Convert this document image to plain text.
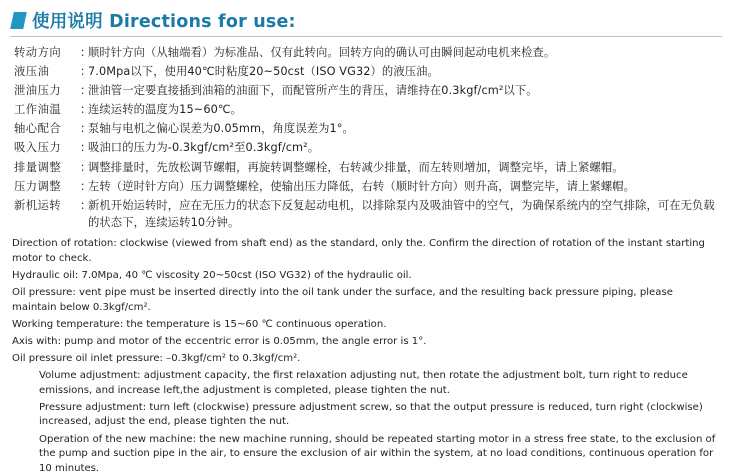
使用说明 Directions for use:
转动方向	：
顺时针方向（从轴端看）为标准品、仅有此转向。回转方向的确认可由瞬间起动电机来检查。
液压油	：
7.0Mpa以下，使用40℃时粘度20~50cst（ISO VG32）的液压油。
泄油压力	：
泄油管一定要直接插到油箱的油面下，而配管所产生的背压，请维持在0.3kgf/cm²以下。
工作油温	：
连续运转的温度为15~60℃。
轴心配合	：
泵轴与电机之偏心误差为0.05mm，角度误差为1°。
吸入压力	：
吸油口的压力为-0.3kgf/cm²至0.3kgf/cm²。
排量调整	：
调整排量时，先放松调节螺帽，再旋转调整螺栓，右转减少排量，而左转则增加，调整完毕，请上紧螺帽。
压力调整	：
左转（逆时针方向）压力调整螺栓，使输出压力降低，右转（顺时针方向）则升高，调整完毕，请上紧螺帽。
新机运转	：
新机开始运转时，应在无压力的状态下反复起动电机，以排除泵内及吸油管中的空气，为确保系统内的空气排除，可在无负载的状态下，连续运转10分钟。

Direction of rotation: clockwise (viewed from shaft end) as the standard, only the. Confirm the direction of rotation of the instant starting motor to check.

Hydraulic oil: 7.0Mpa, 40 ℃ viscosity 20~50cst (ISO VG32) of the hydraulic oil.

Oil pressure: vent pipe must be inserted directly into the oil tank under the surface, and the resulting back pressure piping, please maintain below 0.3kgf/cm².

Working temperature: the temperature is 15~60 ℃ continuous operation.

Axis with: pump and motor of the eccentric error is 0.05mm, the angle error is 1°.

Oil pressure oil inlet pressure: –0.3kgf/cm² to 0.3kgf/cm².

Volume adjustment: adjustment capacity, the first relaxation adjusting nut, then rotate the adjustment bolt, turn right to reduce emissions, and increase left,the adjustment is completed, please tighten the nut.

Pressure adjustment: turn left (clockwise) pressure adjustment screw, so that the output pressure is reduced, turn right (clockwise) increased, adjust the end, please tighten the nut.

Operation of the new machine: the new machine running, should be repeated starting motor in a stress free state, to the exclusion of the pump and suction pipe in the air, to ensure the exclusion of air within the system, at no load conditions, continuous operation for 10 minutes.
